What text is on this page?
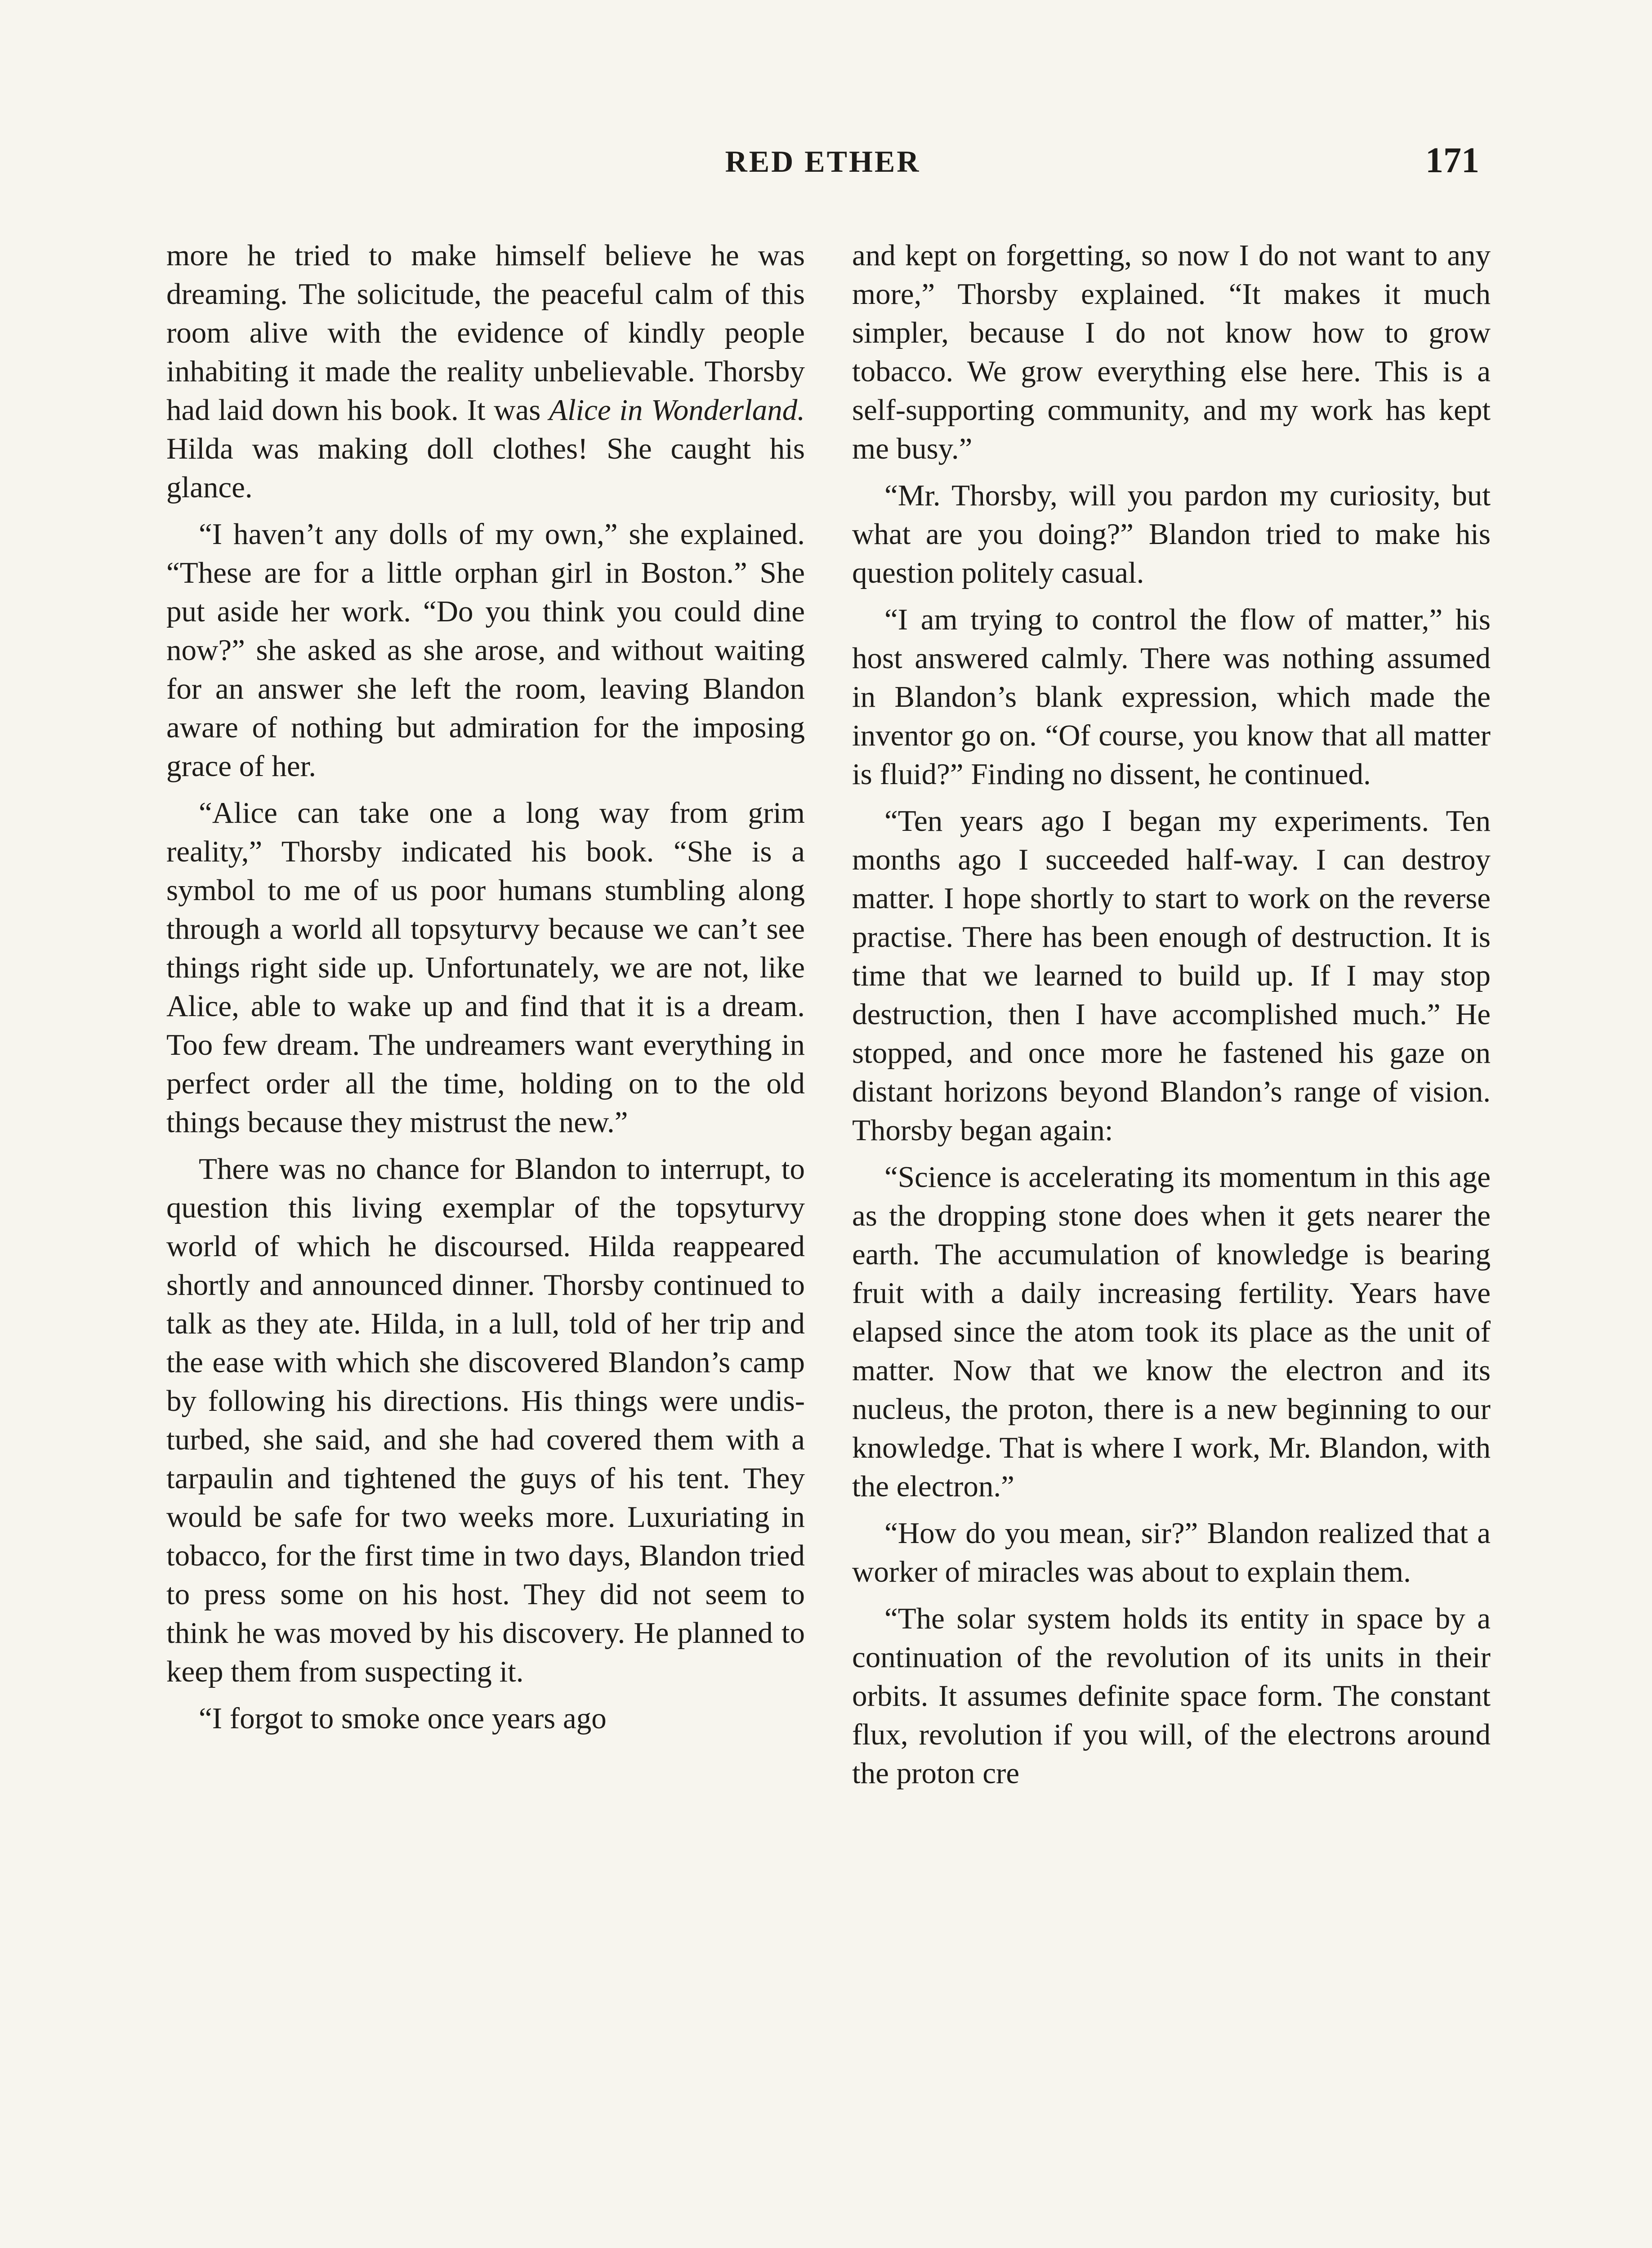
RED ETHER	171

more he tried to make himself believe he was dreaming. The solicitude, the peaceful calm of this room alive with the evidence of kindly people inhabiting it made the reality unbelievable. Thorsby had laid down his book. It was Alice in Wonderland. Hilda was making doll clothes! She caught his glance.

“I haven’t any dolls of my own,” she explained. “These are for a little orphan girl in Boston.” She put aside her work. “Do you think you could dine now?” she asked as she arose, and without waiting for an answer she left the room, leaving Blandon aware of nothing but admiration for the imposing grace of her.

“Alice can take one a long way from grim reality,” Thorsby indicated his book. “She is a symbol to me of us poor humans stumbling along through a world all topsyturvy because we can’t see things right side up. Unfortunately, we are not, like Alice, able to wake up and find that it is a dream. Too few dream. The undreamers want everything in perfect order all the time, holding on to the old things because they mistrust the new.”

There was no chance for Blandon to interrupt, to question this living exemplar of the topsyturvy world of which he discoursed. Hilda reappeared shortly and announced dinner. Thorsby continued to talk as they ate. Hilda, in a lull, told of her trip and the ease with which she discovered Blandon’s camp by following his directions. His things were undisturbed, she said, and she had covered them with a tarpaulin and tightened the guys of his tent. They would be safe for two weeks more. Luxuriating in tobacco, for the first time in two days, Blandon tried to press some on his host. They did not seem to think he was moved by his discovery. He planned to keep them from suspecting it.

“I forgot to smoke once years ago

and kept on forgetting, so now I do not want to any more,” Thorsby explained. “It makes it much simpler, because I do not know how to grow tobacco. We grow everything else here. This is a self-supporting community, and my work has kept me busy.”

“Mr. Thorsby, will you pardon my curiosity, but what are you doing?” Blandon tried to make his question politely casual.

“I am trying to control the flow of matter,” his host answered calmly. There was nothing assumed in Blandon’s blank expression, which made the inventor go on. “Of course, you know that all matter is fluid?” Finding no dissent, he continued.

“Ten years ago I began my experiments. Ten months ago I succeeded half-way. I can destroy matter. I hope shortly to start to work on the reverse practise. There has been enough of destruction. It is time that we learned to build up. If I may stop destruction, then I have accomplished much.” He stopped, and once more he fastened his gaze on distant horizons beyond Blandon’s range of vision. Thorsby began again:

“Science is accelerating its momentum in this age as the dropping stone does when it gets nearer the earth. The accumulation of knowledge is bearing fruit with a daily increasing fertility. Years have elapsed since the atom took its place as the unit of matter. Now that we know the electron and its nucleus, the proton, there is a new beginning to our knowledge. That is where I work, Mr. Blandon, with the electron.”

“How do you mean, sir?” Blandon realized that a worker of miracles was about to explain them.

“The solar system holds its entity in space by a continuation of the revolution of its units in their orbits. It assumes definite space form. The constant flux, revolution if you will, of the electrons around the proton cre
